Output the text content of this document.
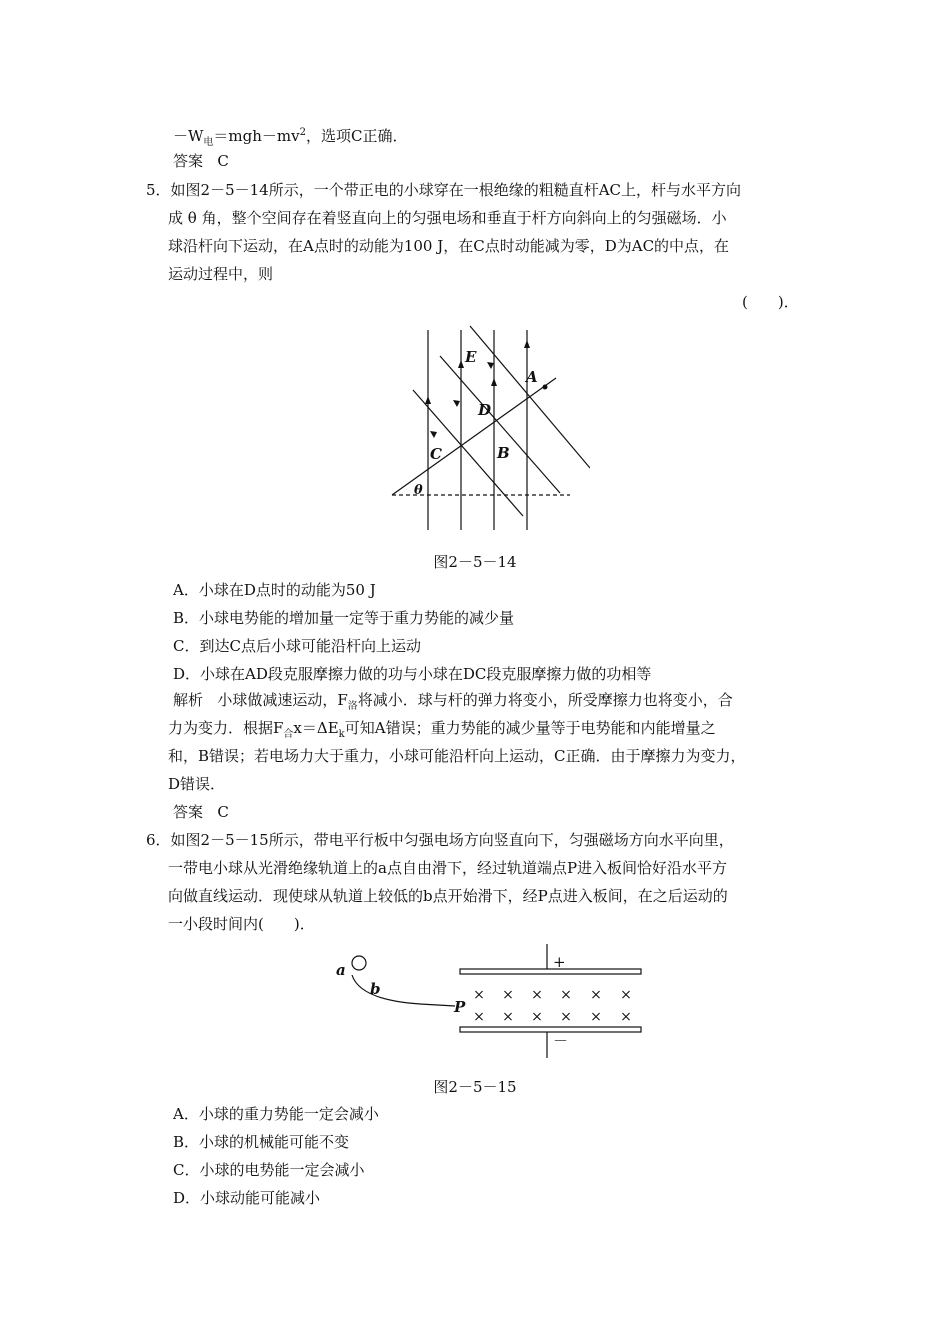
$-W_电=mgh-mv^2$，选项C正确．
答案 C
5．如图2－5－14所示，一个带正电的小球穿在一根绝缘的粗糙直杆AC上，杆与水平方向
成 θ 角，整个空间存在着竖直向上的匀强电场和垂直于杆方向斜向上的匀强磁场．小
球沿杆向下运动，在A点时的动能为100 J，在C点时动能减为零，D为AC的中点，在
运动过程中，则
(　　)．
E
A
D
B
C
θ
图2－5－14
A．小球在D点时的动能为50 J
B．小球电势能的增加量一定等于重力势能的减少量
C．到达C点后小球可能沿杆向上运动
D．小球在AD段克服摩擦力做的功与小球在DC段克服摩擦力做的功相等
解析 小球做减速运动，$F_洛$将减小．球与杆的弹力将变小，所受摩擦力也将变小，合
力为变力．根据$F_合x=\Delta E_k$可知A错误；重力势能的减少量等于电势能和内能增量之
和，B错误；若电场力大于重力，小球可能沿杆向上运动，C正确．由于摩擦力为变力，
D错误．
答案 C
6．如图2－5－15所示，带电平行板中匀强电场方向竖直向下，匀强磁场方向水平向里，
一带电小球从光滑绝缘轨道上的a点自由滑下，经过轨道端点P进入板间恰好沿水平方
向做直线运动．现使球从轨道上较低的b点开始滑下，经P点进入板间，在之后运动的
一小段时间内(　　)．
a
b
P
+
－
× × × × × ×
× × × × × ×
图2－5－15
A．小球的重力势能一定会减小
B．小球的机械能可能不变
C．小球的电势能一定会减小
D．小球动能可能减小
